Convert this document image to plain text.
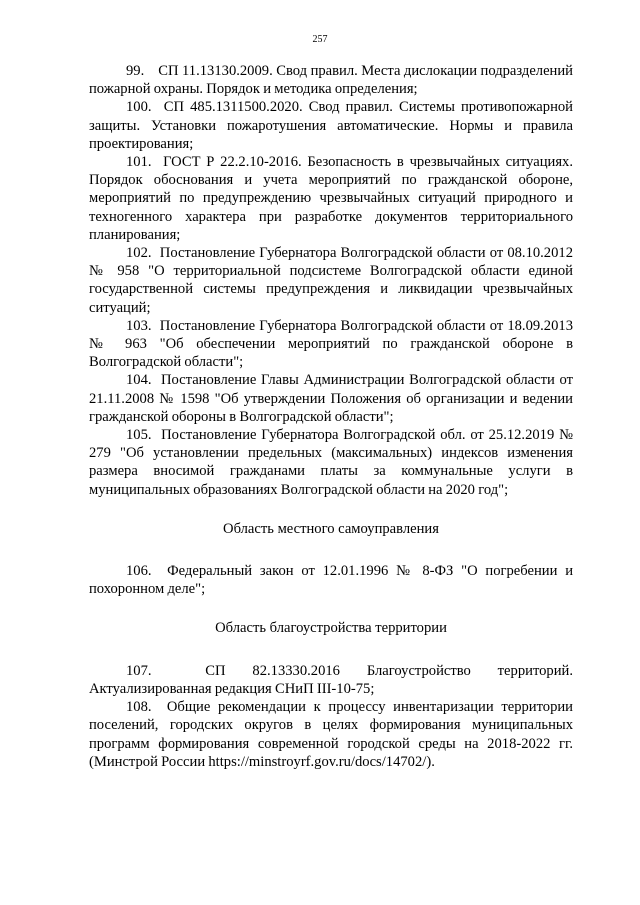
257

99.    СП 11.13130.2009. Свод правил. Места дислокации подразделений пожарной охраны. Порядок и методика определения;

100.  СП 485.1311500.2020. Свод правил. Системы противопожарной защиты. Установки пожаротушения автоматические. Нормы и правила проектирования;

101.  ГОСТ Р 22.2.10-2016. Безопасность в чрезвычайных ситуациях. Порядок обоснования и учета мероприятий по гражданской обороне, мероприятий по предупреждению чрезвычайных ситуаций природного и техногенного характера при разработке документов территориального планирования;

102.  Постановление Губернатора Волгоградской области от 08.10.2012 № 958 "О территориальной подсистеме Волгоградской области единой государственной системы предупреждения и ликвидации чрезвычайных ситуаций;

103.  Постановление Губернатора Волгоградской области от 18.09.2013 № 963 "Об обеспечении мероприятий по гражданской обороне в Волгоградской области";

104.  Постановление Главы Администрации Волгоградской области от 21.11.2008 № 1598 "Об утверждении Положения об организации и ведении гражданской обороны в Волгоградской области";

105.  Постановление Губернатора Волгоградской обл. от 25.12.2019 № 279 "Об установлении предельных (максимальных) индексов изменения размера вносимой гражданами платы за коммунальные услуги в муниципальных образованиях Волгоградской области на 2020 год";

Область местного самоуправления

106.  Федеральный закон от 12.01.1996 № 8-ФЗ "О погребении и похоронном деле";

Область благоустройства территории

107.  СП 82.13330.2016 Благоустройство территорий. Актуализированная редакция СНиП III-10-75;

108.  Общие рекомендации к процессу инвентаризации территории поселений, городских округов в целях формирования муниципальных программ формирования современной городской среды на 2018-2022 гг. (Минстрой России https://minstroyrf.gov.ru/docs/14702/).
